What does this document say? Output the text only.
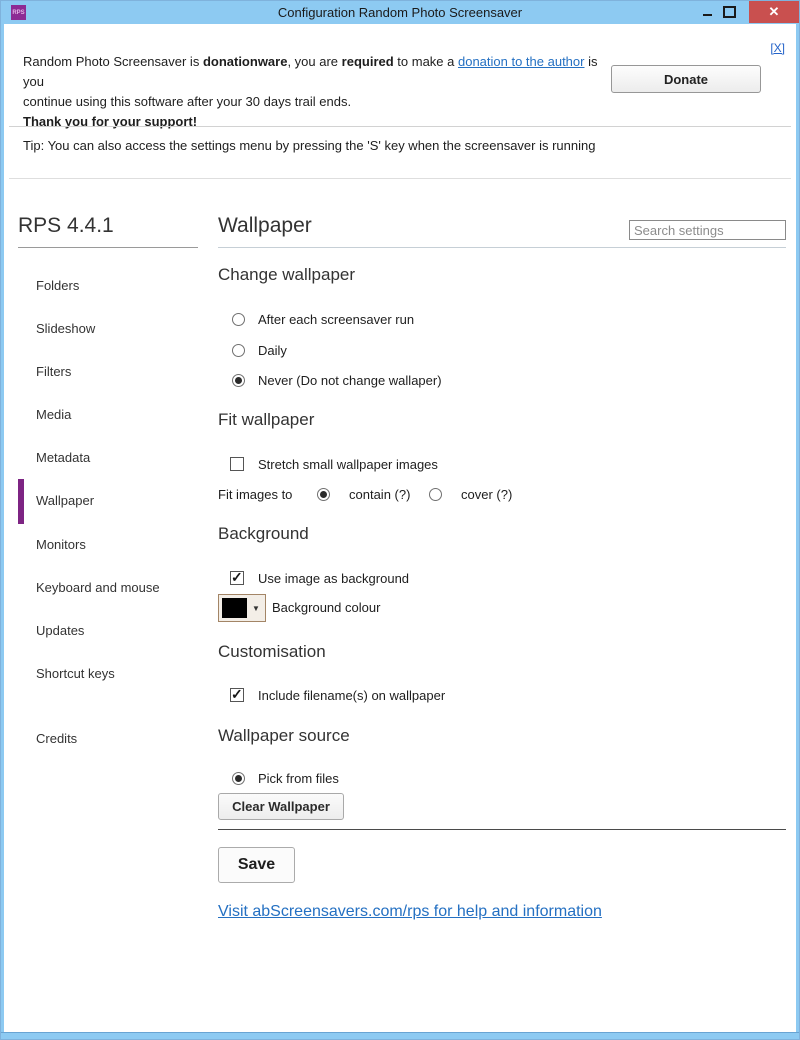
RPS	Configuration Random Photo Screensaver	✕
[X]
Random Photo Screensaver is donationware, you are required to make a donation to the author is you
continue using this software after your 30 days trail ends.
Thank you for your support!
Donate
Tip: You can also access the settings menu by pressing the 'S' key when the screensaver is running
RPS 4.4.1
Folders
Slideshow
Filters
Media
Metadata
Wallpaper
Monitors
Keyboard and mouse
Updates
Shortcut keys
Credits
Wallpaper
Search settings
Change wallpaper
After each screensaver run
Daily
Never (Do not change wallaper)
Fit wallpaper
Stretch small wallpaper images
Fit images to	contain (?)	cover (?)
Background
✓
Use image as background
▼ Background colour
Customisation
✓
Include filename(s) on wallpaper
Wallpaper source
Pick from files
Clear Wallpaper
Save
Visit abScreensavers.com/rps for help and information
